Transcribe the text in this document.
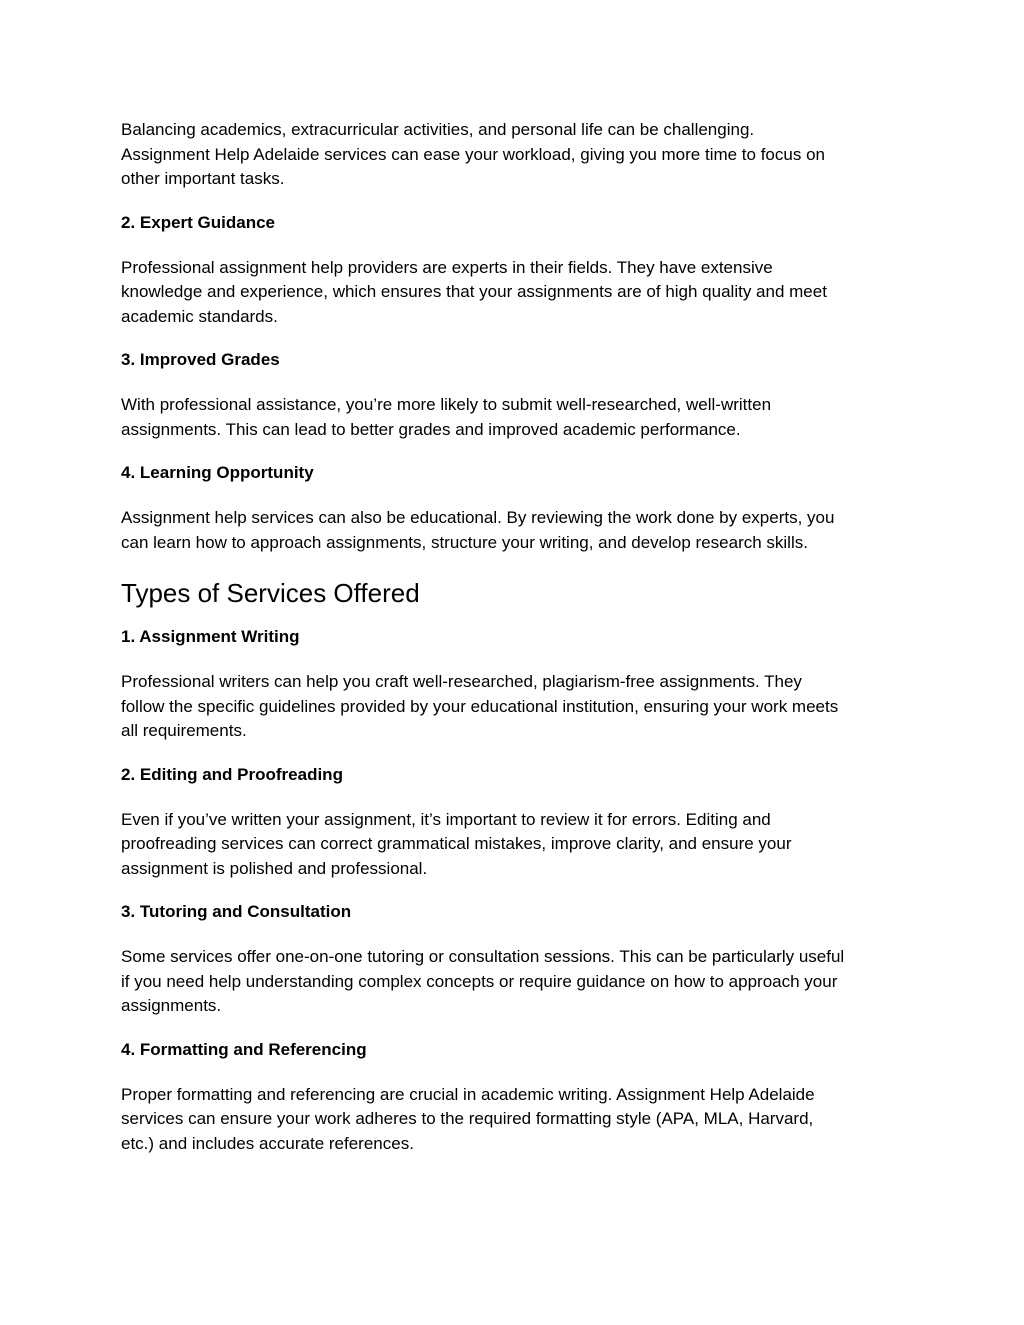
Balancing academics, extracurricular activities, and personal life can be challenging.
Assignment Help Adelaide services can ease your workload, giving you more time to focus on
other important tasks.

2. Expert Guidance

Professional assignment help providers are experts in their fields. They have extensive
knowledge and experience, which ensures that your assignments are of high quality and meet
academic standards.

3. Improved Grades

With professional assistance, you’re more likely to submit well-researched, well-written
assignments. This can lead to better grades and improved academic performance.

4. Learning Opportunity

Assignment help services can also be educational. By reviewing the work done by experts, you
can learn how to approach assignments, structure your writing, and develop research skills.

Types of Services Offered
1. Assignment Writing

Professional writers can help you craft well-researched, plagiarism-free assignments. They
follow the specific guidelines provided by your educational institution, ensuring your work meets
all requirements.

2. Editing and Proofreading

Even if you’ve written your assignment, it’s important to review it for errors. Editing and
proofreading services can correct grammatical mistakes, improve clarity, and ensure your
assignment is polished and professional.

3. Tutoring and Consultation

Some services offer one-on-one tutoring or consultation sessions. This can be particularly useful
if you need help understanding complex concepts or require guidance on how to approach your
assignments.

4. Formatting and Referencing

Proper formatting and referencing are crucial in academic writing. Assignment Help Adelaide
services can ensure your work adheres to the required formatting style (APA, MLA, Harvard,
etc.) and includes accurate references.
